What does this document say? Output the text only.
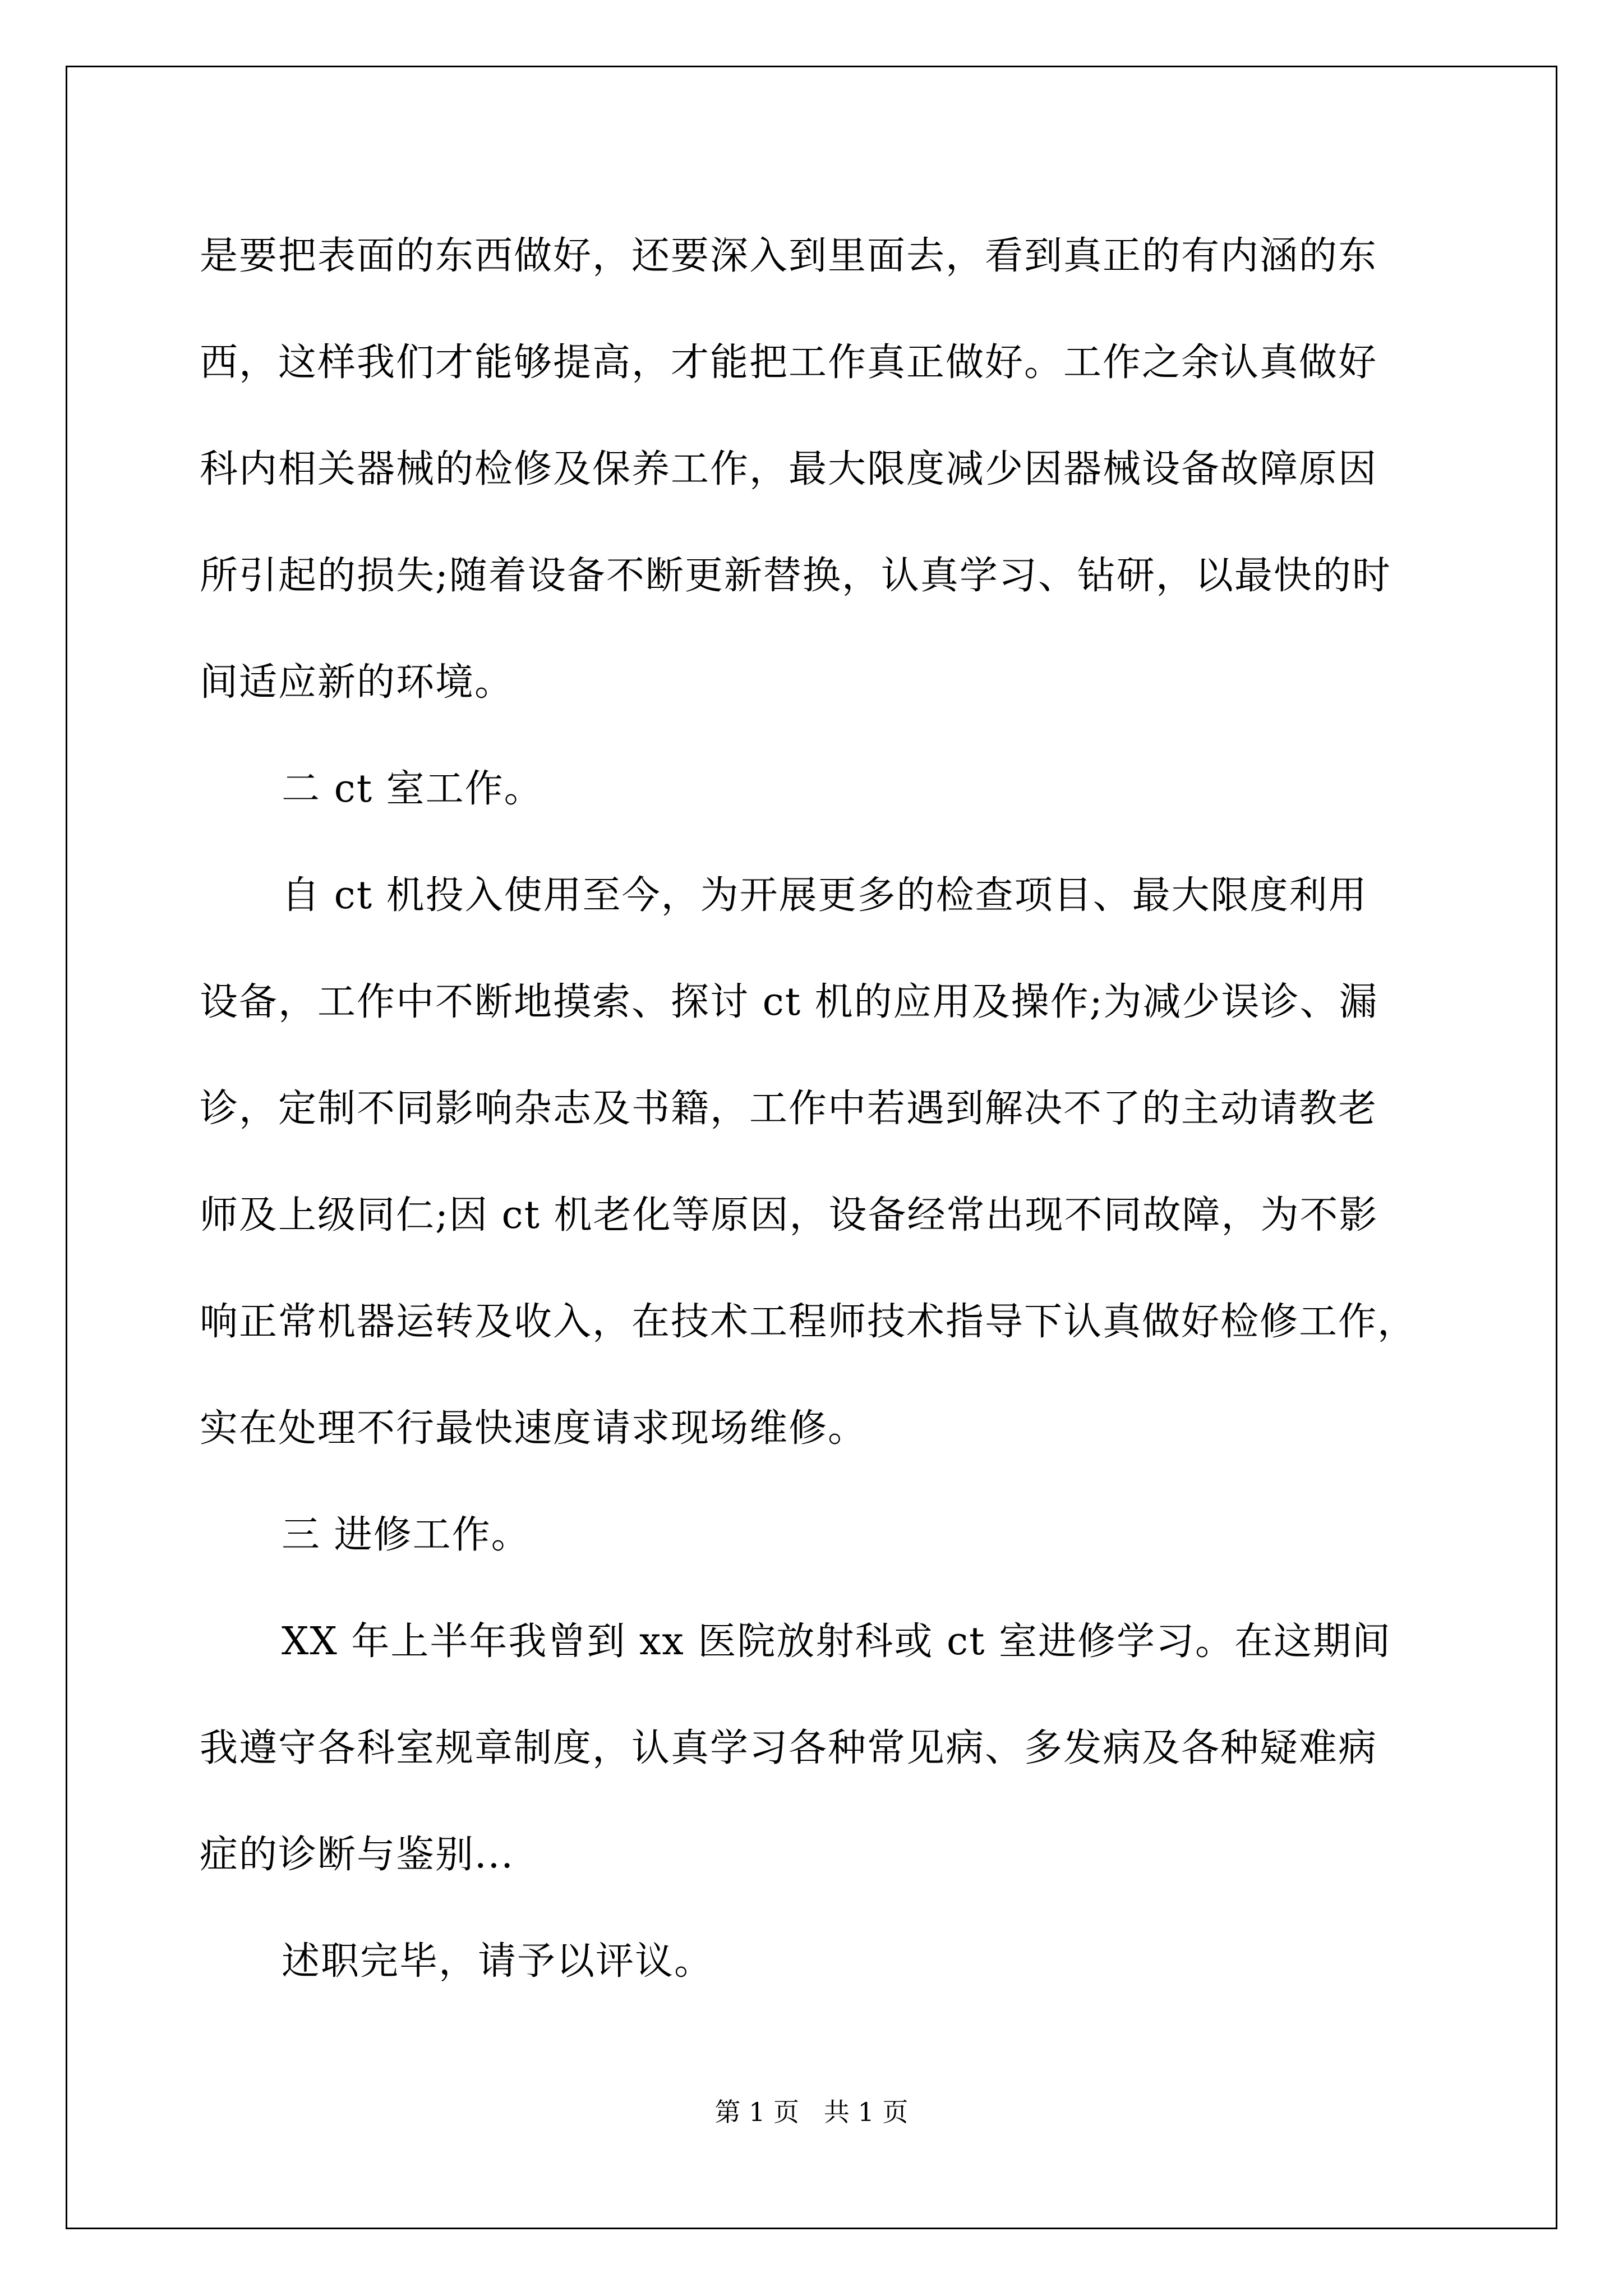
是要把表面的东西做好，还要深入到里面去，看到真正的有内涵的东
西，这样我们才能够提高，才能把工作真正做好。工作之余认真做好
科内相关器械的检修及保养工作，最大限度减少因器械设备故障原因
所引起的损失;随着设备不断更新替换，认真学习、钻研，以最快的时
间适应新的环境。
二 ct 室工作。
自 ct 机投入使用至今，为开展更多的检查项目、最大限度利用
设备，工作中不断地摸索、探讨 ct 机的应用及操作;为减少误诊、漏
诊，定制不同影响杂志及书籍，工作中若遇到解决不了的主动请教老
师及上级同仁;因 ct 机老化等原因，设备经常出现不同故障，为不影
响正常机器运转及收入，在技术工程师技术指导下认真做好检修工作，
实在处理不行最快速度请求现场维修。
三 进修工作。
XX 年上半年我曾到 xx 医院放射科或 ct 室进修学习。在这期间
我遵守各科室规章制度，认真学习各种常见病、多发病及各种疑难病
症的诊断与鉴别...
述职完毕，请予以评议。
第 1 页   共 1 页
